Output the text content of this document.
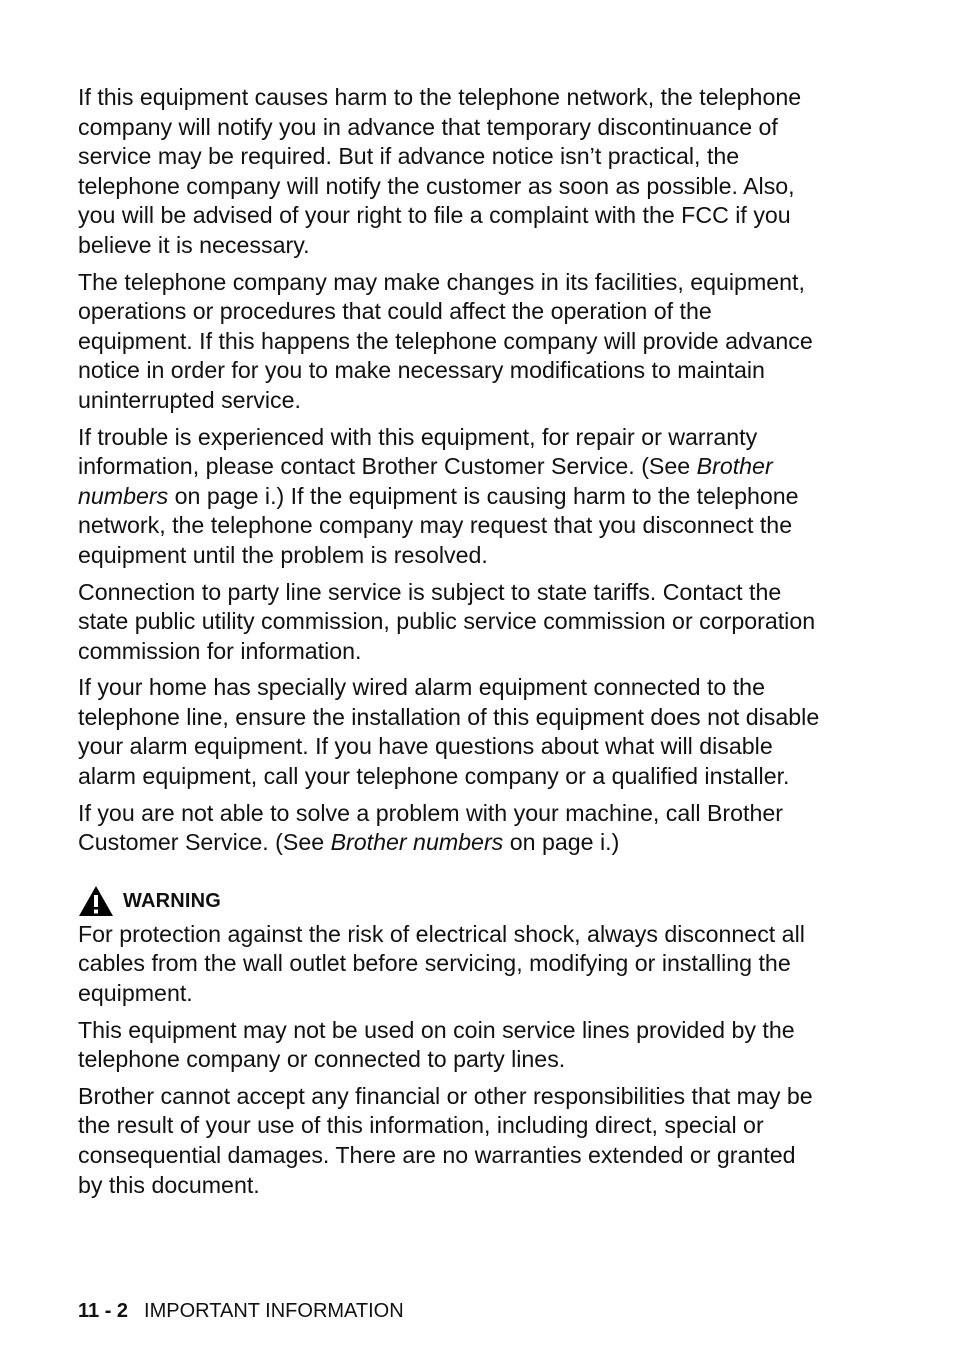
If this equipment causes harm to the telephone network, the telephone company will notify you in advance that temporary discontinuance of service may be required. But if advance notice isn’t practical, the telephone company will notify the customer as soon as possible. Also, you will be advised of your right to file a complaint with the FCC if you believe it is necessary.

The telephone company may make changes in its facilities, equipment, operations or procedures that could affect the operation of the equipment. If this happens the telephone company will provide advance notice in order for you to make necessary modifications to maintain uninterrupted service.

If trouble is experienced with this equipment, for repair or warranty information, please contact Brother Customer Service. (See Brother numbers on page i.) If the equipment is causing harm to the telephone network, the telephone company may request that you disconnect the equipment until the problem is resolved.

Connection to party line service is subject to state tariffs. Contact the state public utility commission, public service commission or corporation commission for information.

If your home has specially wired alarm equipment connected to the telephone line, ensure the installation of this equipment does not disable your alarm equipment. If you have questions about what will disable alarm equipment, call your telephone company or a qualified installer.

If you are not able to solve a problem with your machine, call Brother Customer Service. (See Brother numbers on page i.)

WARNING

For protection against the risk of electrical shock, always disconnect all cables from the wall outlet before servicing, modifying or installing the equipment.

This equipment may not be used on coin service lines provided by the telephone company or connected to party lines.

Brother cannot accept any financial or other responsibilities that may be the result of your use of this information, including direct, special or consequential damages. There are no warranties extended or granted by this document.

11 - 2 IMPORTANT INFORMATION
